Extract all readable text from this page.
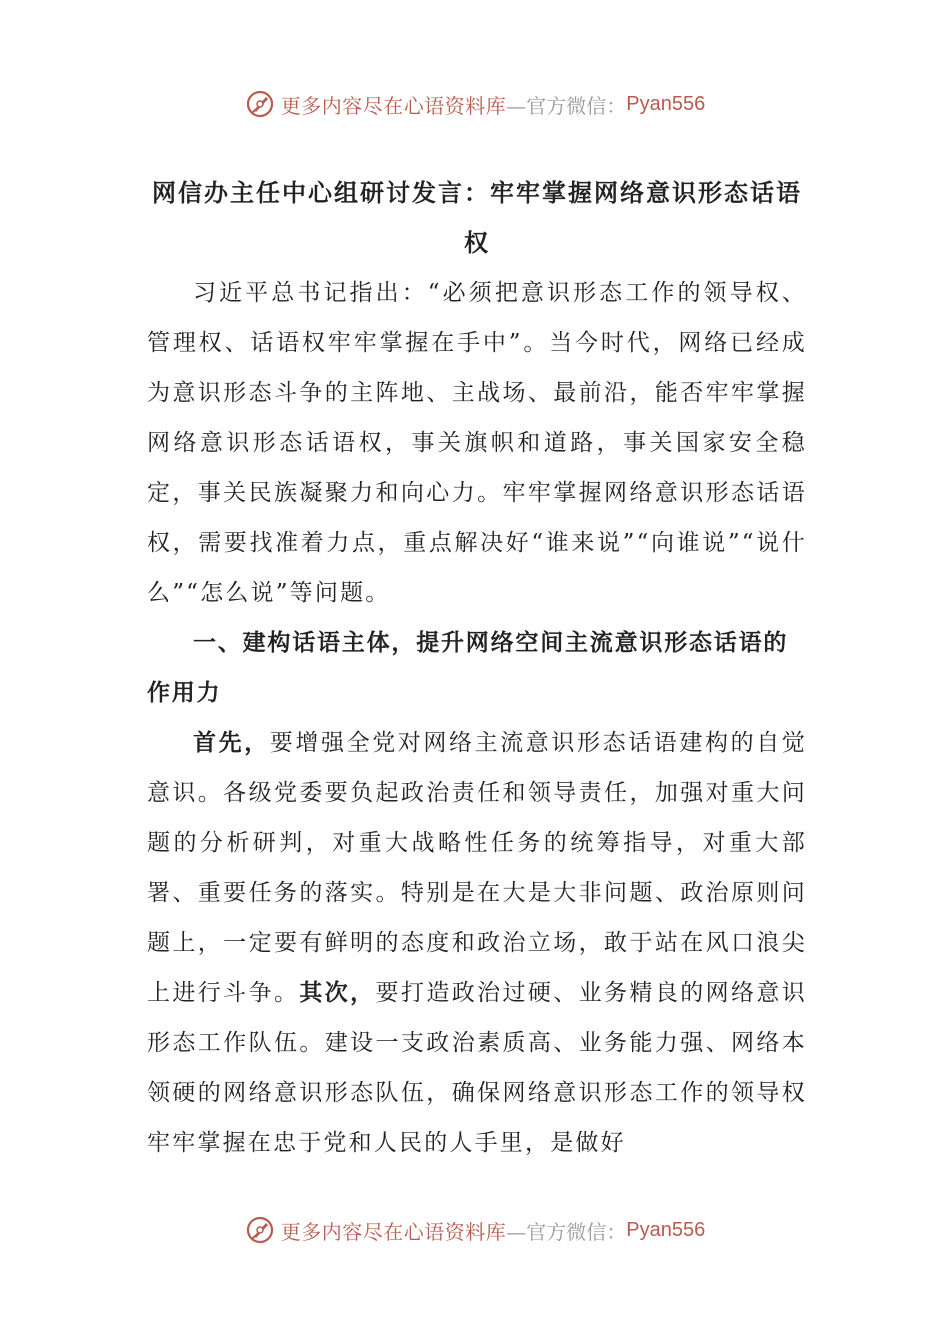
更多内容尽在心语资料库 —官方微信： Pyan556
网信办主任中心组研讨发言：牢牢掌握网络意识形态话语权

习近平总书记指出：“必须把意识形态工作的领导权、管理权、话语权牢牢掌握在手中”。当今时代，网络已经成为意识形态斗争的主阵地、主战场、最前沿，能否牢牢掌握网络意识形态话语权，事关旗帜和道路，事关国家安全稳定，事关民族凝聚力和向心力。牢牢掌握网络意识形态话语权，需要找准着力点，重点解决好“谁来说”“向谁说”“说什么”“怎么说”等问题。

一、建构话语主体，提升网络空间主流意识形态话语的作用力

首先，要增强全党对网络主流意识形态话语建构的自觉意识。各级党委要负起政治责任和领导责任，加强对重大问题的分析研判，对重大战略性任务的统筹指导，对重大部署、重要任务的落实。特别是在大是大非问题、政治原则问题上，一定要有鲜明的态度和政治立场，敢于站在风口浪尖上进行斗争。其次，要打造政治过硬、业务精良的网络意识形态工作队伍。建设一支政治素质高、业务能力强、网络本领硬的网络意识形态队伍，确保网络意识形态工作的领导权牢牢掌握在忠于党和人民的人手里，是做好

更多内容尽在心语资料库 —官方微信： Pyan556
